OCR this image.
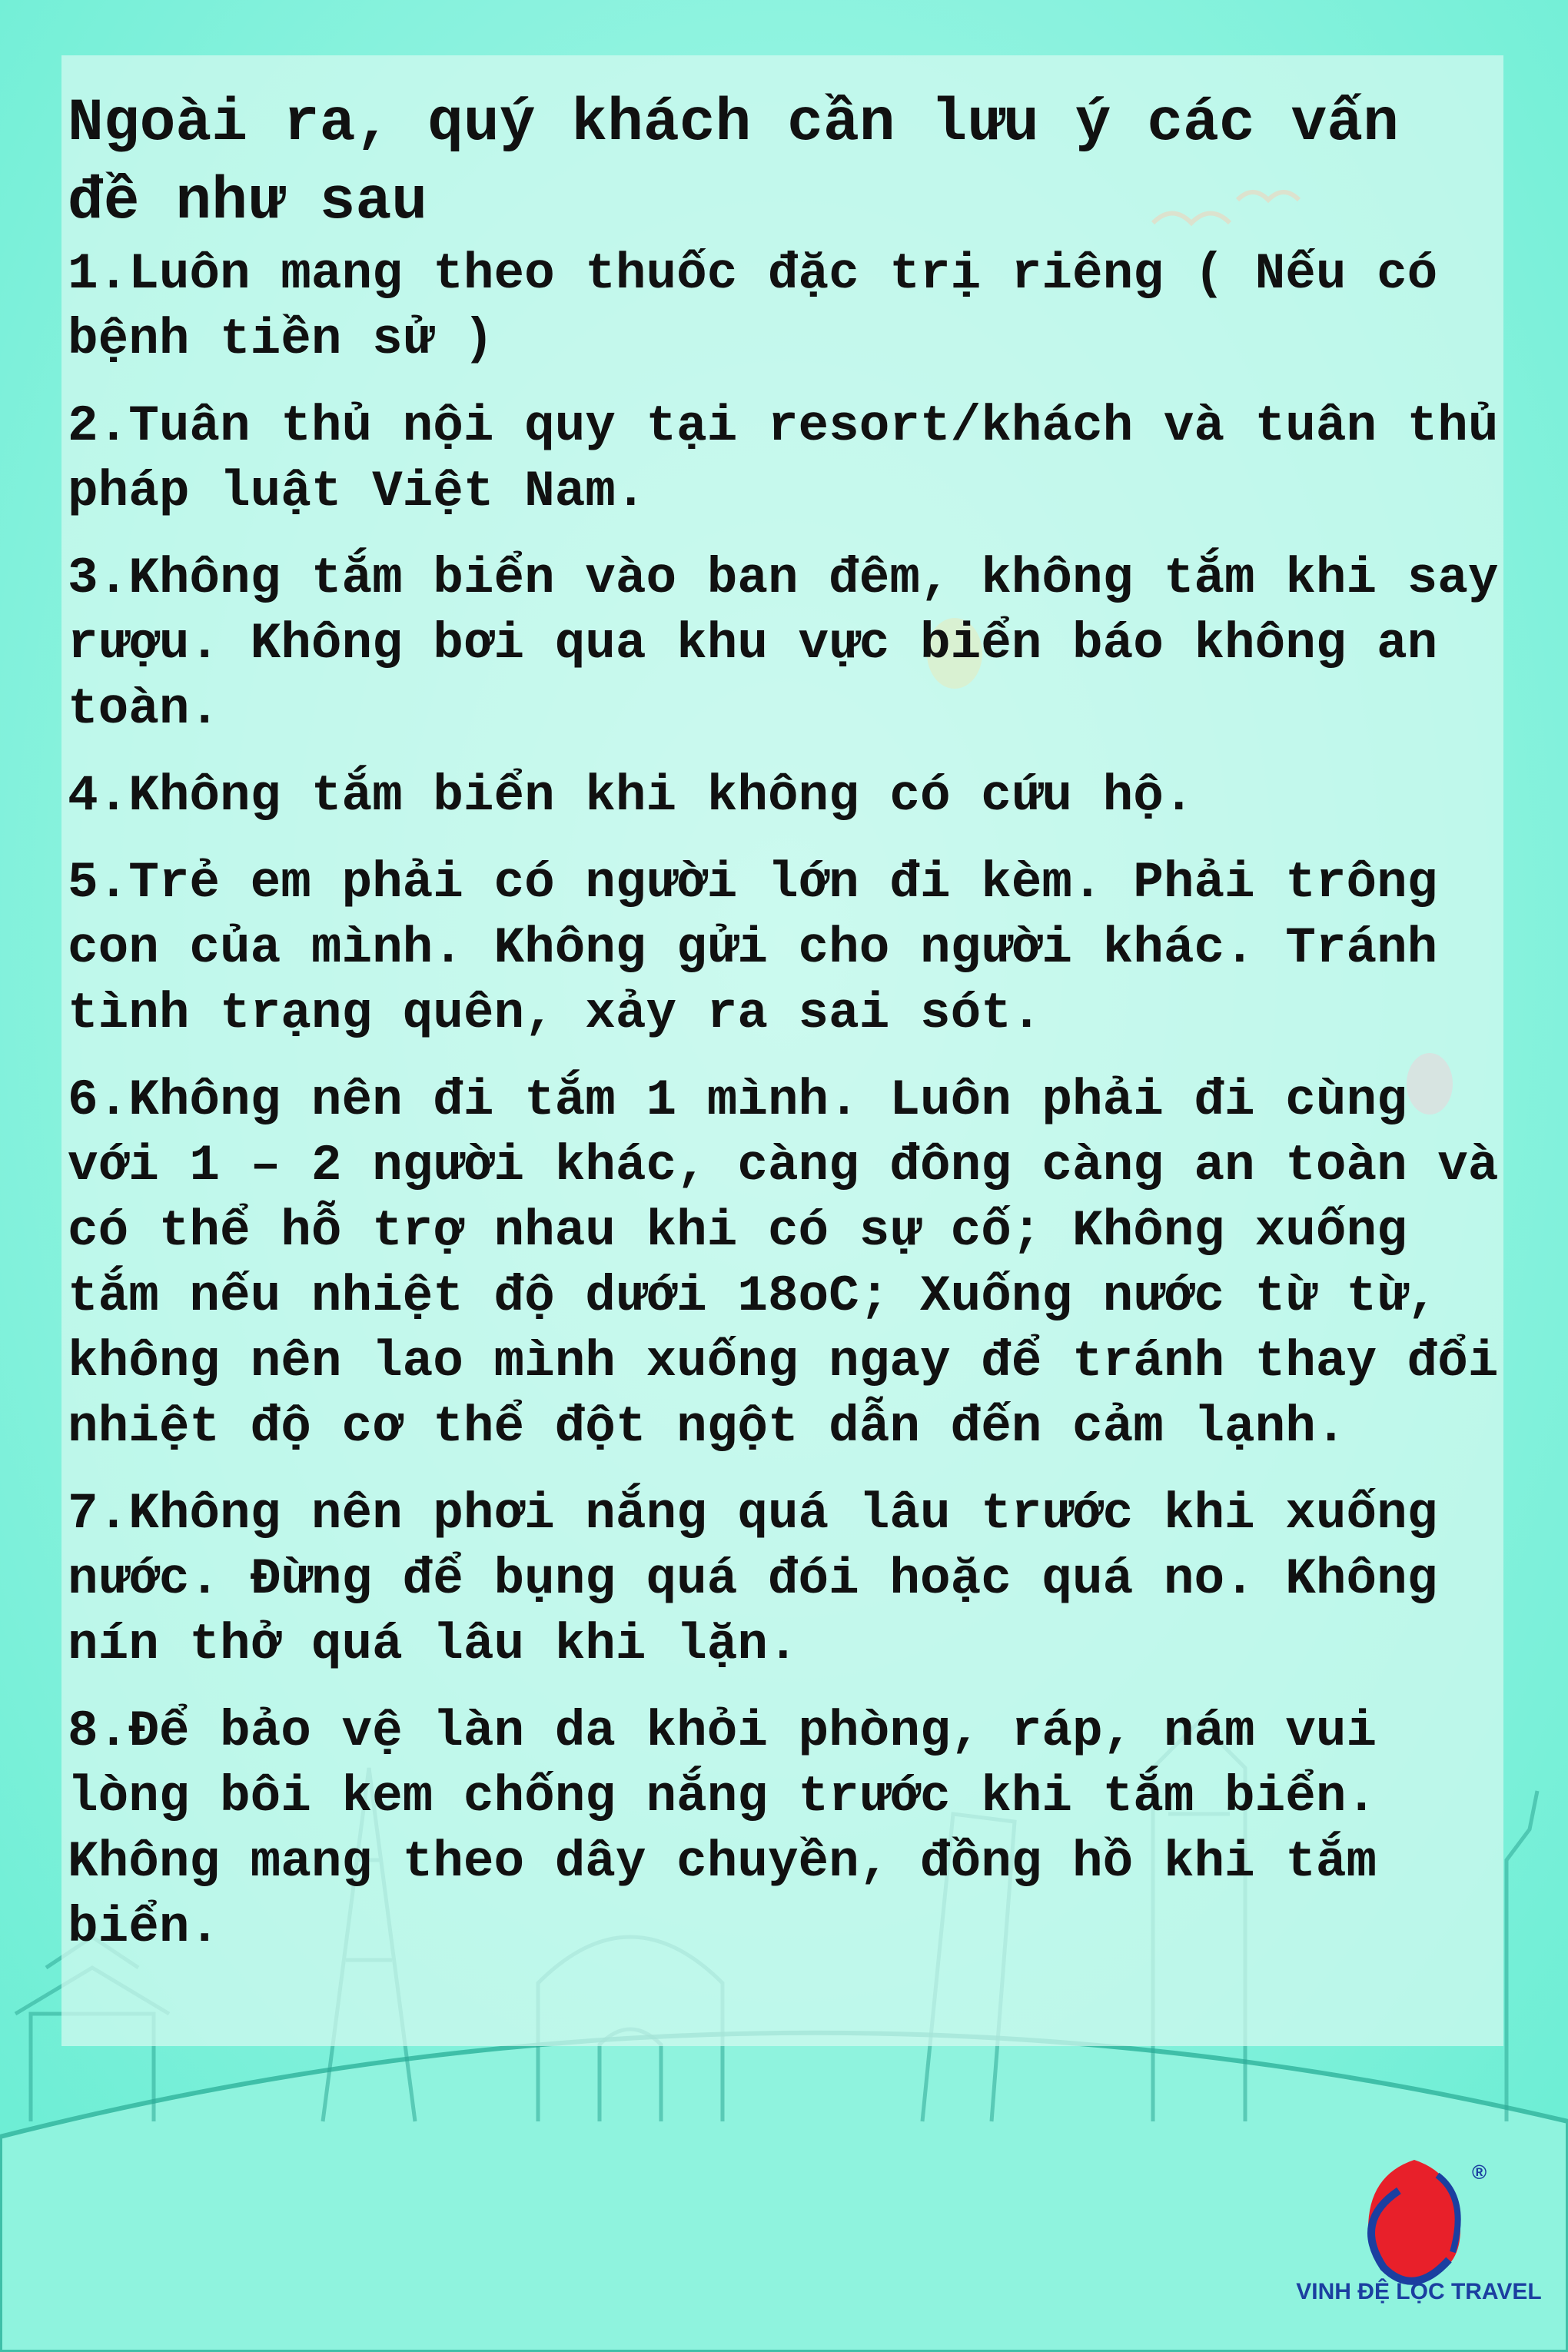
Ngoài ra, quý khách cần lưu ý các vấn đề như sau

1.Luôn mang theo thuốc đặc trị riêng ( Nếu có bệnh tiền sử )

2.Tuân thủ nội quy tại resort/khách và tuân thủ pháp luật Việt Nam.

3.Không tắm biển vào ban đêm, không tắm khi say rượu. Không bơi qua khu vực biển báo không an toàn.

4.Không tắm biển khi không có cứu hộ.

5.Trẻ em phải có người lớn đi kèm. Phải trông con của mình. Không gửi cho người khác. Tránh tình trạng quên, xảy ra sai sót.

6.Không nên đi tắm 1 mình. Luôn phải đi cùng với 1 – 2 người khác, càng đông càng an toàn và có thể hỗ trợ nhau khi có sự cố; Không xuống tắm nếu nhiệt độ dưới 18oC; Xuống nước từ từ, không nên lao mình xuống ngay để tránh thay đổi nhiệt độ cơ thể đột ngột dẫn đến cảm lạnh.

7.Không nên phơi nắng quá lâu trước khi xuống nước. Đừng để bụng quá đói hoặc quá no. Không nín thở quá lâu khi lặn.

8.Để bảo vệ làn da khỏi phòng, ráp, nám vui lòng bôi kem chống nắng trước khi tắm biển. Không mang theo dây chuyền, đồng hồ khi tắm biển.

®
VINH ĐỆ LỘC TRAVEL
